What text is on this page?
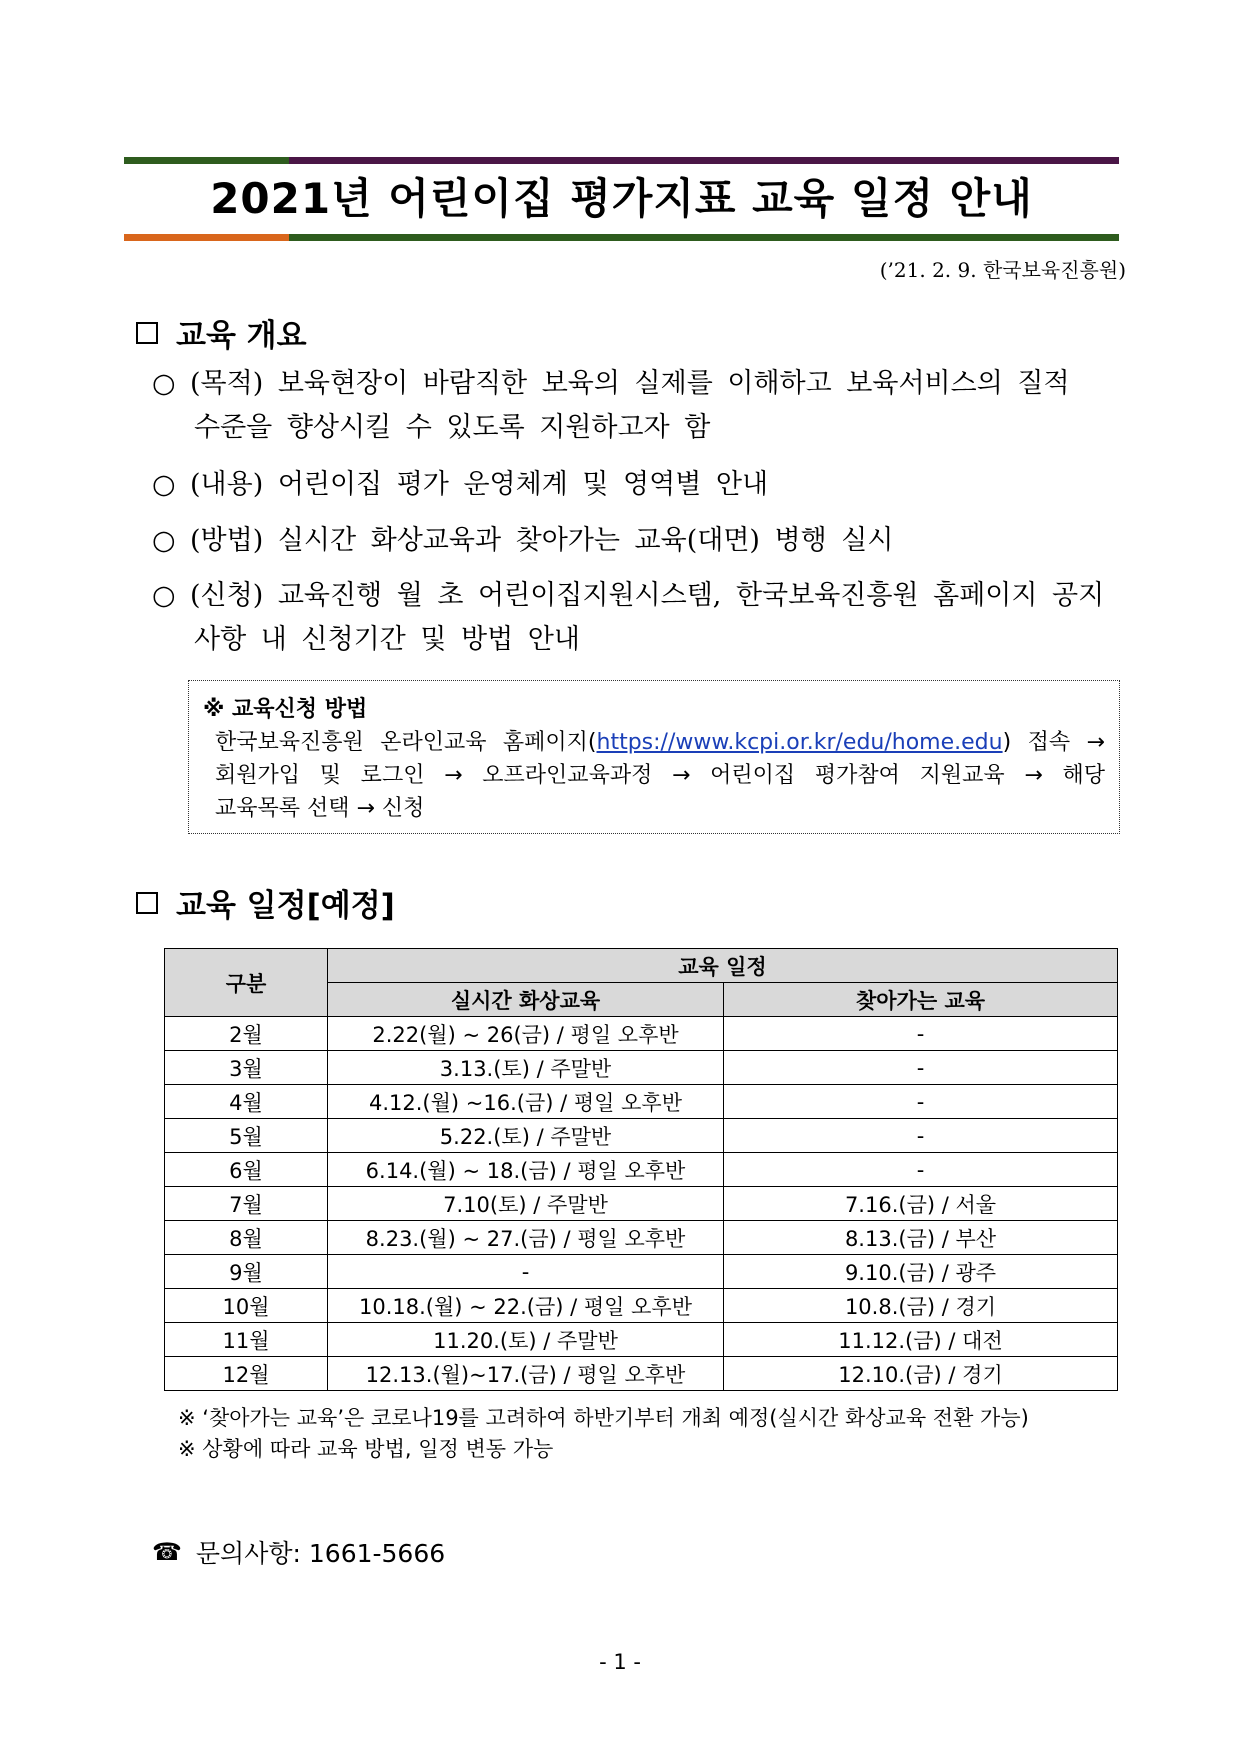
2021년 어린이집 평가지표 교육 일정 안내
(’21. 2. 9. 한국보육진흥원)
교육 개요
○ (목적) 보육현장이 바람직한 보육의 실제를 이해하고 보육서비스의 질적
수준을 향상시킬 수 있도록 지원하고자 함
○ (내용) 어린이집 평가 운영체계 및 영역별 안내
○ (방법) 실시간 화상교육과 찾아가는 교육(대면) 병행 실시
○ (신청) 교육진행 월 초 어린이집지원시스템, 한국보육진흥원 홈페이지 공지
사항 내 신청기간 및 방법 안내
※ 교육신청 방법
한국보육진흥원 온라인교육 홈페이지(https://www.kcpi.or.kr/edu/home.edu) 접속 →
회원가입 및 로그인 → 오프라인교육과정 → 어린이집 평가참여 지원교육 → 해당
교육목록 선택 → 신청
교육 일정[예정]
구분	교육 일정	
	실시간 화상교육	찾아가는 교육
2월	2.22(월) ~ 26(금) / 평일 오후반	-
3월	3.13.(토) / 주말반	-
4월	4.12.(월) ~16.(금) / 평일 오후반	-
5월	5.22.(토) / 주말반	-
6월	6.14.(월) ~ 18.(금) / 평일 오후반	-
7월	7.10(토) / 주말반	7.16.(금) / 서울
8월	8.23.(월) ~ 27.(금) / 평일 오후반	8.13.(금) / 부산
9월	-	9.10.(금) / 광주
10월	10.18.(월) ~ 22.(금) / 평일 오후반	10.8.(금) / 경기
11월	11.20.(토) / 주말반	11.12.(금) / 대전
12월	12.13.(월)~17.(금) / 평일 오후반	12.10.(금) / 경기
※ ‘찾아가는 교육’은 코로나19를 고려하여 하반기부터 개최 예정(실시간 화상교육 전환 가능)
※ 상황에 따라 교육 방법, 일정 변동 가능
☎ 문의사항: 1661-5666
- 1 -
